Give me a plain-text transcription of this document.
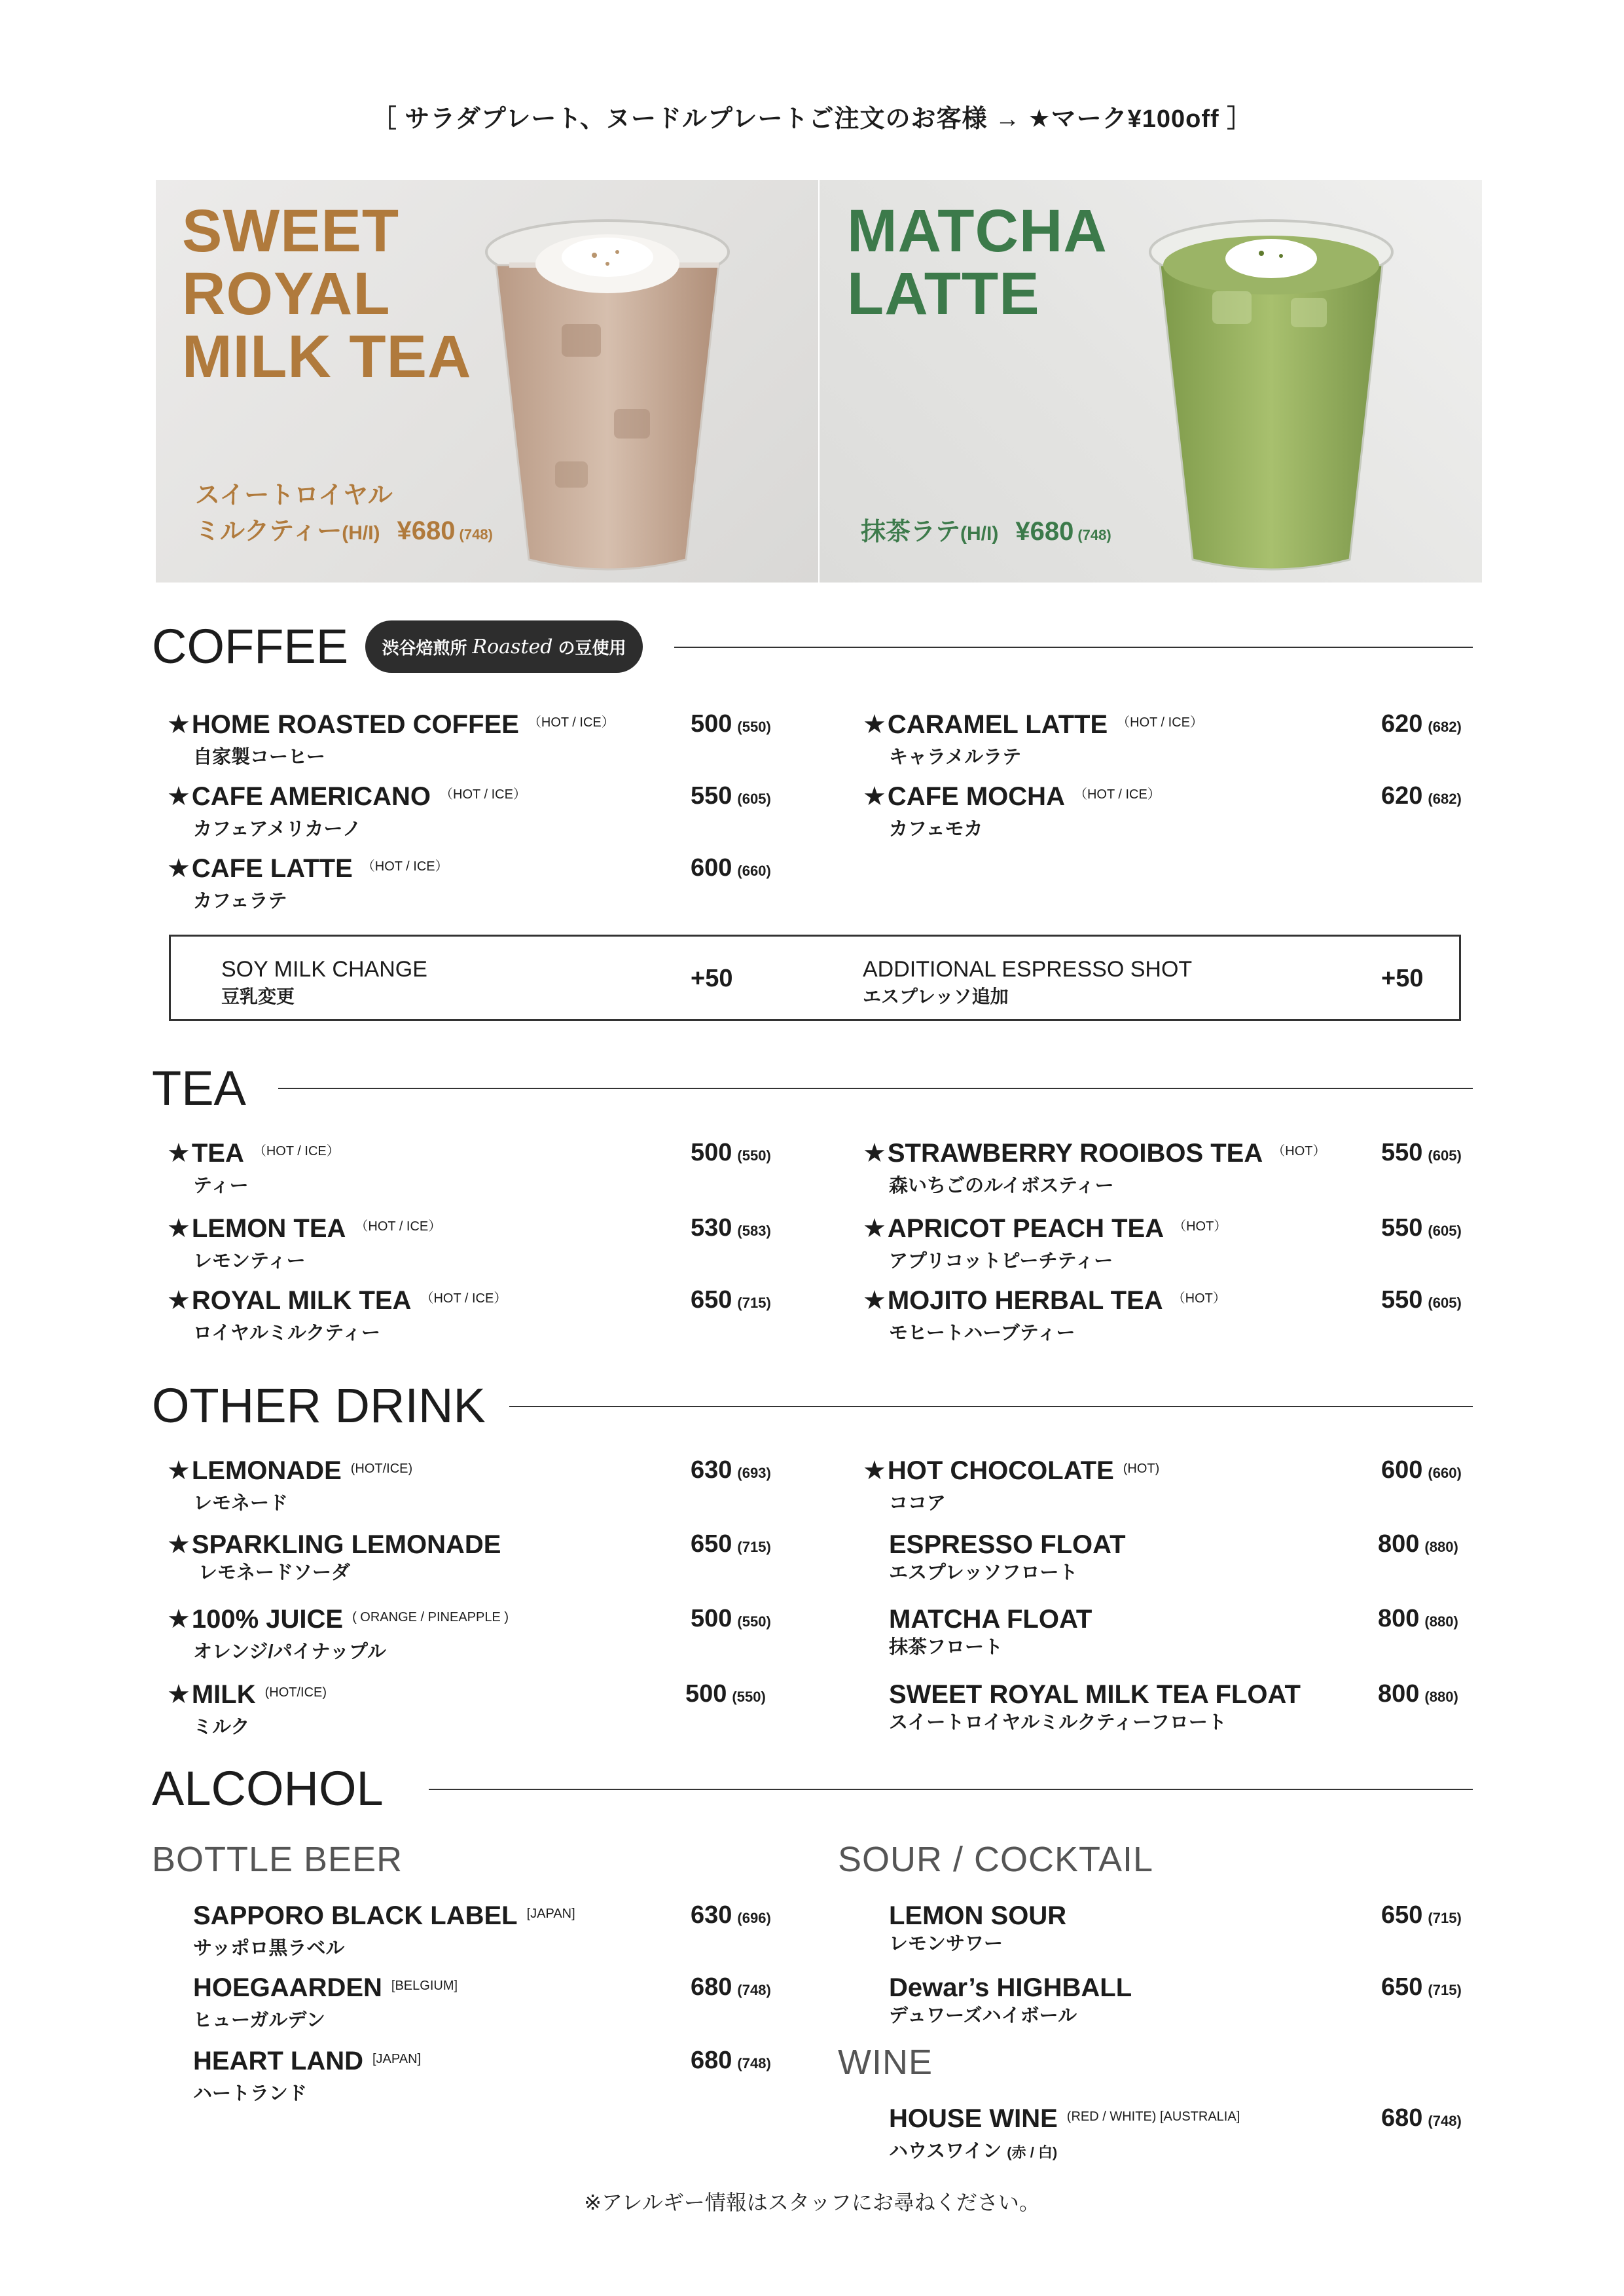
［ サラダプレート、ヌードルプレートご注文のお客様 → ★マーク¥100off ］
SWEET
ROYAL
MILK TEA
スイートロイヤル
ミルクティー(H/I) ¥680 (748)
MATCHA
LATTE
抹茶ラテ(H/I) ¥680 (748)
COFFEE 渋谷焙煎所 Roasted の豆使用
★HOME ROASTED COFFEE $^{(HOT / ICE)}$
自家製コーヒー
500 (550)
★CAFE AMERICANO $^{(HOT / ICE)}$
カフェアメリカーノ
550 (605)
★CAFE LATTE $^{(HOT / ICE)}$
カフェラテ
600 (660)
★CARAMEL LATTE $^{(HOT / ICE)}$
キャラメルラテ
620 (682)
★CAFE MOCHA $^{(HOT / ICE)}$
カフェモカ
620 (682)
SOY MILK CHANGE
豆乳変更
+50	ADDITIONAL ESPRESSO SHOT
エスプレッソ追加
+50
TEA
★TEA $^{(HOT / ICE)}$
ティー
500 (550)
★LEMON TEA $^{(HOT / ICE)}$
レモンティー
530 (583)
★ROYAL MILK TEA $^{(HOT / ICE)}$
ロイヤルミルクティー
650 (715)
★STRAWBERRY ROOIBOS TEA $^{(HOT)}$
森いちごのルイボスティー
550 (605)
★APRICOT PEACH TEA $^{(HOT)}$
アプリコットピーチティー
550 (605)
★MOJITO HERBAL TEA $^{(HOT)}$
モヒートハーブティー
550 (605)
OTHER DRINK
★LEMONADE $^{(HOT/ICE)}$
レモネード
630 (693)
★SPARKLING LEMONADE
レモネードソーダ
650 (715)
★100% JUICE $^{( ORANGE / PINEAPPLE )}$
オレンジ/パイナップル
500 (550)
★MILK $^{(HOT/ICE)}$
ミルク
500 (550)
★HOT CHOCOLATE $^{(HOT)}$
ココア
600 (660)
ESPRESSO FLOAT
エスプレッソフロート
800 (880)
MATCHA FLOAT
抹茶フロート
800 (880)
SWEET ROYAL MILK TEA FLOAT
スイートロイヤルミルクティーフロート
800 (880)
ALCOHOL
BOTTLE BEER	SOUR / COCKTAIL
WINE
SAPPORO BLACK LABEL [JAPAN]
サッポロ黒ラベル
630 (696)
HOEGAARDEN [BELGIUM]
ヒューガルデン
680 (748)
HEART LAND [JAPAN]
ハートランド
680 (748)
LEMON SOUR
レモンサワー
650 (715)
Dewar’s HIGHBALL
デュワーズハイボール
650 (715)
HOUSE WINE $^{(RED / WHITE) [AUSTRALIA]}$
ハウスワイン (赤 / 白)
680 (748)
※アレルギー情報はスタッフにお尋ねください。
